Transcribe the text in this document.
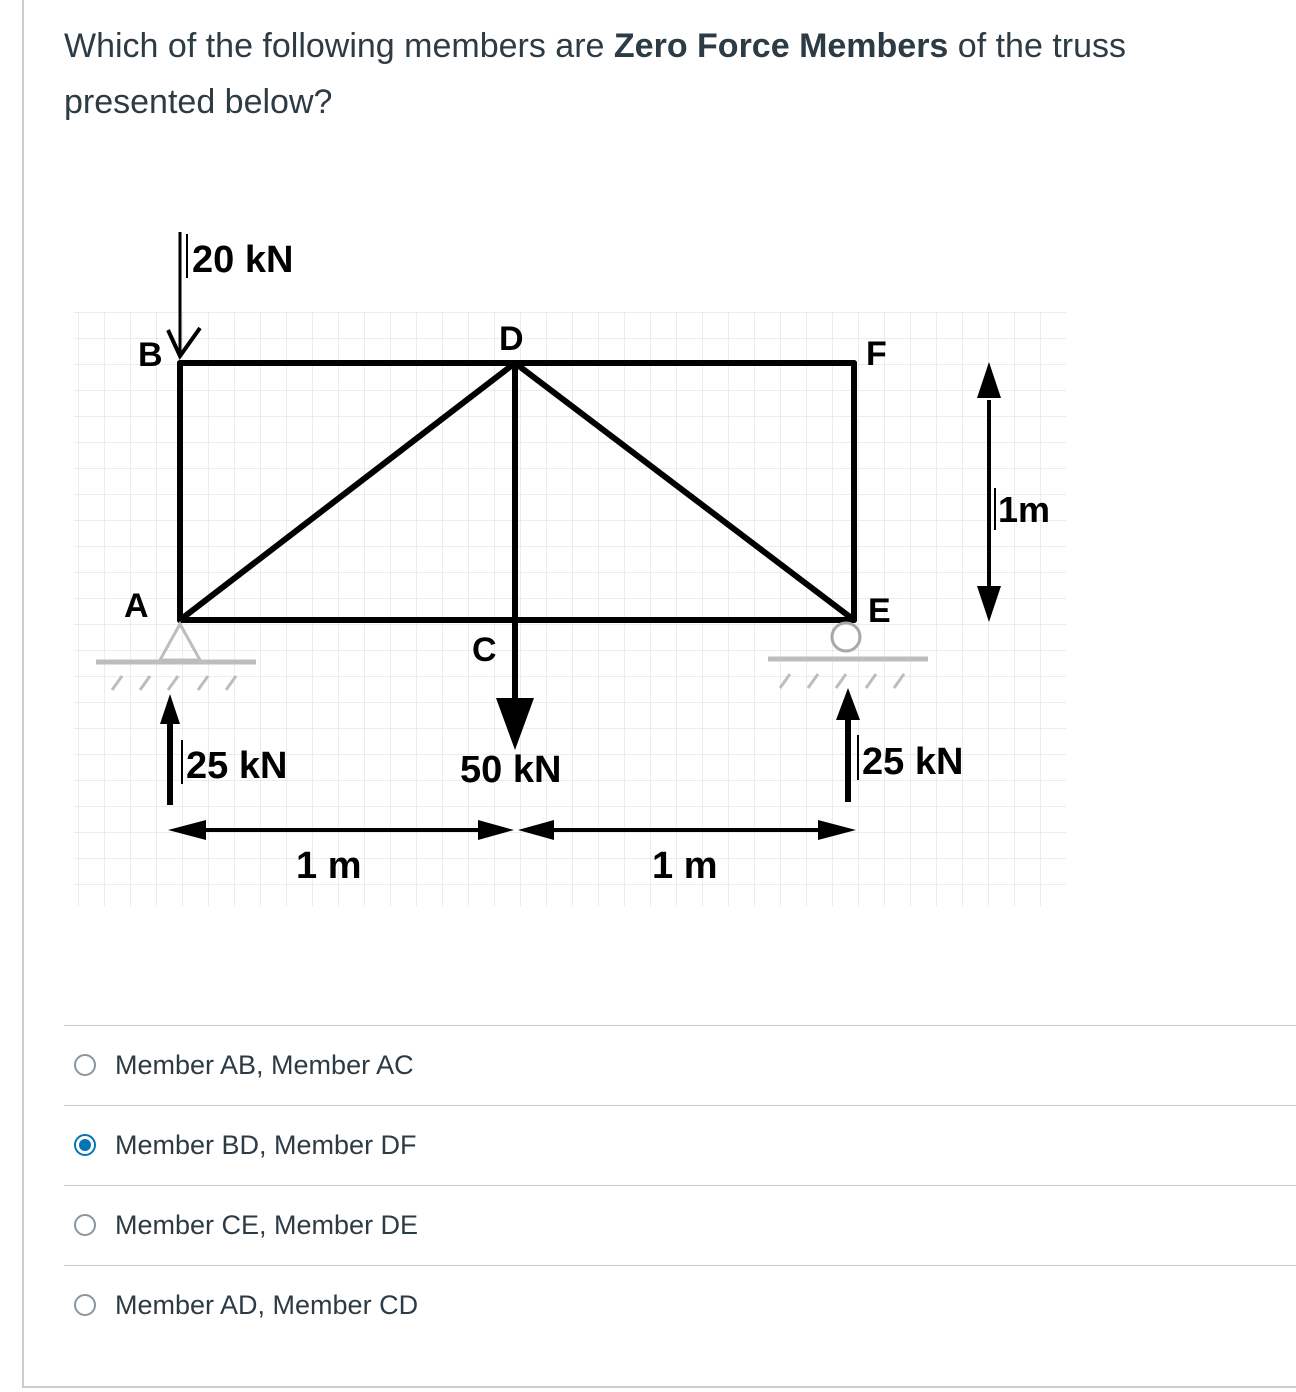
Which of the following members are Zero Force Members of the truss presented below?
B	D	F
A
C
E
20 kN
25 kN	50 kN	25 kN
1 m	1 m
1m
Member AB, Member AC
Member BD, Member DF
Member CE, Member DE
Member AD, Member CD
